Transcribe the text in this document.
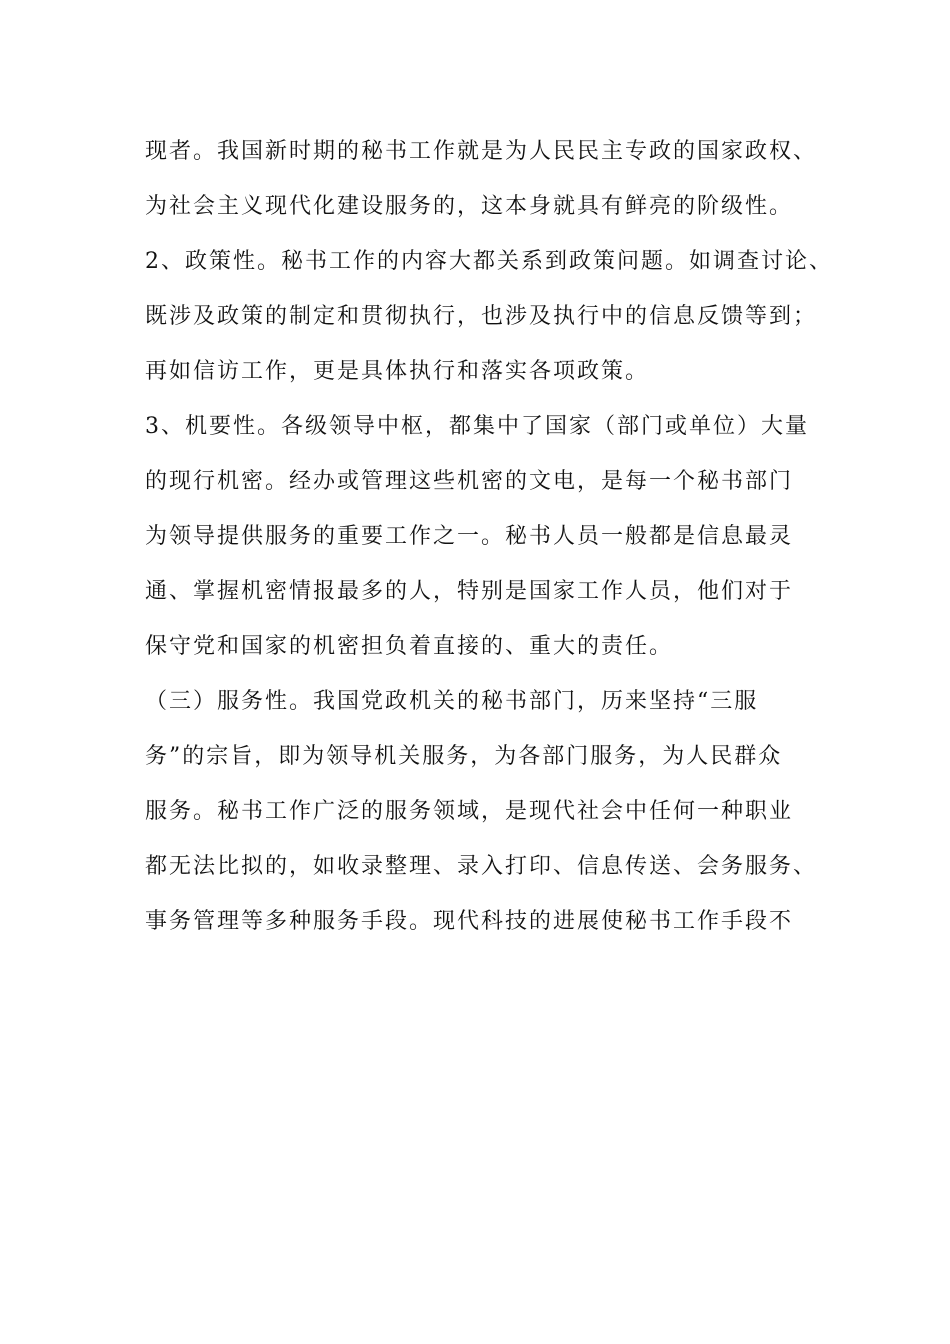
现者。我国新时期的秘书工作就是为人民民主专政的国家政权、
为社会主义现代化建设服务的，这本身就具有鲜亮的阶级性。
2、政策性。秘书工作的内容大都关系到政策问题。如调查讨论、
既涉及政策的制定和贯彻执行，也涉及执行中的信息反馈等到；
再如信访工作，更是具体执行和落实各项政策。
3、机要性。各级领导中枢，都集中了国家（部门或单位）大量
的现行机密。经办或管理这些机密的文电，是每一个秘书部门
为领导提供服务的重要工作之一。秘书人员一般都是信息最灵
通、掌握机密情报最多的人，特别是国家工作人员，他们对于
保守党和国家的机密担负着直接的、重大的责任。
（三）服务性。我国党政机关的秘书部门，历来坚持“三服
务”的宗旨，即为领导机关服务，为各部门服务，为人民群众
服务。秘书工作广泛的服务领域，是现代社会中任何一种职业
都无法比拟的，如收录整理、录入打印、信息传送、会务服务、
事务管理等多种服务手段。现代科技的进展使秘书工作手段不
